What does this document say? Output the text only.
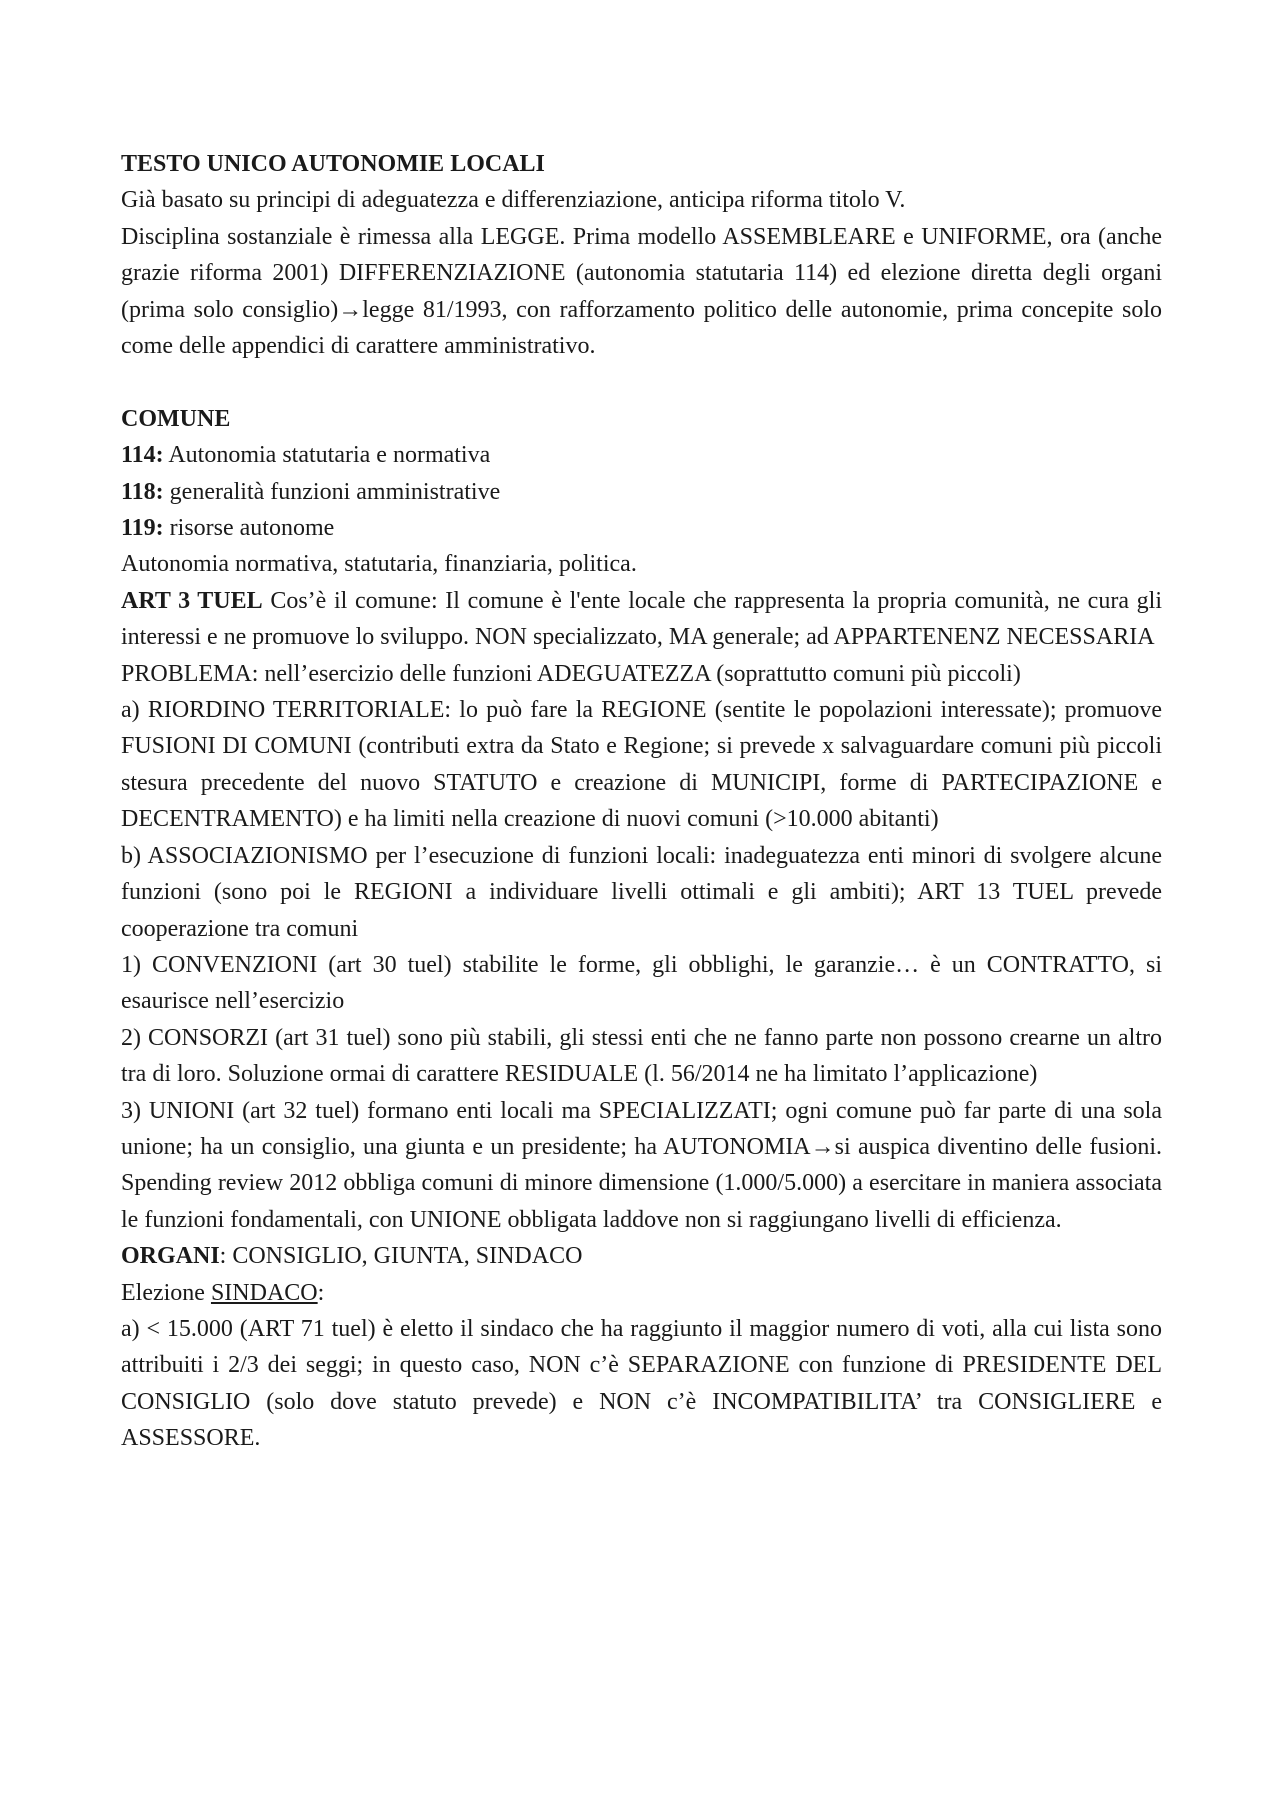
TESTO UNICO AUTONOMIE LOCALI

Già basato su principi di adeguatezza e differenziazione, anticipa riforma titolo V.

Disciplina sostanziale è rimessa alla LEGGE. Prima modello ASSEMBLEARE e UNIFORME, ora (anche grazie riforma 2001) DIFFERENZIAZIONE (autonomia statutaria 114) ed elezione diretta degli organi (prima solo consiglio)→legge 81/1993, con rafforzamento politico delle autonomie, prima concepite solo come delle appendici di carattere amministrativo.

COMUNE

114: Autonomia statutaria e normativa

118: generalità funzioni amministrative

119: risorse autonome

Autonomia normativa, statutaria, finanziaria, politica.

ART 3 TUEL Cos’è il comune: Il comune è l'ente locale che rappresenta la propria comunità, ne cura gli interessi e ne promuove lo sviluppo. NON specializzato, MA generale; ad APPARTENENZ NECESSARIA

PROBLEMA: nell’esercizio delle funzioni ADEGUATEZZA (soprattutto comuni più piccoli)

a) RIORDINO TERRITORIALE: lo può fare la REGIONE (sentite le popolazioni interessate); promuove FUSIONI DI COMUNI (contributi extra da Stato e Regione; si prevede x salvaguardare comuni più piccoli stesura precedente del nuovo STATUTO e creazione di MUNICIPI, forme di PARTECIPAZIONE e DECENTRAMENTO) e ha limiti nella creazione di nuovi comuni (>10.000 abitanti)

b) ASSOCIAZIONISMO per l’esecuzione di funzioni locali: inadeguatezza enti minori di svolgere alcune funzioni (sono poi le REGIONI a individuare livelli ottimali e gli ambiti); ART 13 TUEL prevede cooperazione tra comuni

1) CONVENZIONI (art 30 tuel) stabilite le forme, gli obblighi, le garanzie… è un CONTRATTO, si esaurisce nell’esercizio

2) CONSORZI (art 31 tuel) sono più stabili, gli stessi enti che ne fanno parte non possono crearne un altro tra di loro. Soluzione ormai di carattere RESIDUALE (l. 56/2014 ne ha limitato l’applicazione)

3) UNIONI (art 32 tuel) formano enti locali ma SPECIALIZZATI; ogni comune può far parte di una sola unione; ha un consiglio, una giunta e un presidente; ha AUTONOMIA→si auspica diventino delle fusioni. Spending review 2012 obbliga comuni di minore dimensione (1.000/5.000) a esercitare in maniera associata le funzioni fondamentali, con UNIONE obbligata laddove non si raggiungano livelli di efficienza.

ORGANI: CONSIGLIO, GIUNTA, SINDACO

Elezione SINDACO:

a) < 15.000 (ART 71 tuel) è eletto il sindaco che ha raggiunto il maggior numero di voti, alla cui lista sono attribuiti i 2/3 dei seggi; in questo caso, NON c’è SEPARAZIONE con funzione di PRESIDENTE DEL CONSIGLIO (solo dove statuto prevede) e NON c’è INCOMPATIBILITA’ tra CONSIGLIERE e ASSESSORE.
